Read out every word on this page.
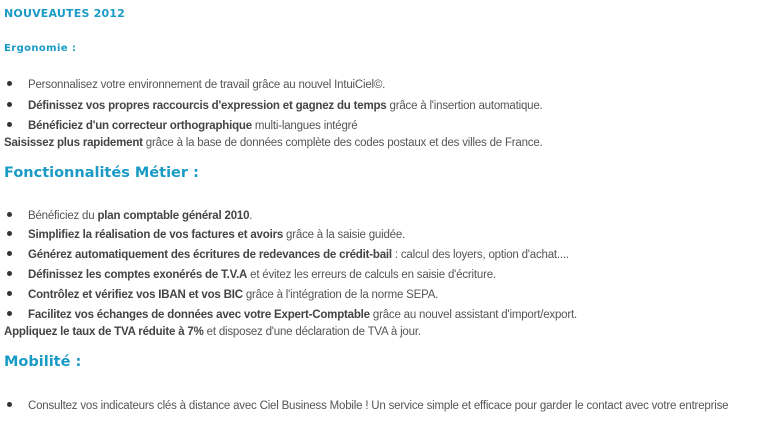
NOUVEAUTES 2012
Ergonomie :
Personnalisez votre environnement de travail grâce au nouvel IntuiCiel©.
Définissez vos propres raccourcis d'expression et gagnez du temps grâce à l'insertion automatique.
Bénéficiez d'un correcteur orthographique multi-langues intégré
Saisissez plus rapidement grâce à la base de données complète des codes postaux et des villes de France.
Fonctionnalités Métier :
Bénéficiez du plan comptable général 2010.
Simplifiez la réalisation de vos factures et avoirs grâce à la saisie guidée.
Générez automatiquement des écritures de redevances de crédit-bail : calcul des loyers, option d'achat....
Définissez les comptes exonérés de T.V.A et évitez les erreurs de calculs en saisie d'écriture.
Contrôlez et vérifiez vos IBAN et vos BIC grâce à l'intégration de la norme SEPA.
Facilitez vos échanges de données avec votre Expert-Comptable grâce au nouvel assistant d'import/export.
Appliquez le taux de TVA réduite à 7% et disposez d'une déclaration de TVA à jour.
Mobilité :
Consultez vos indicateurs clés à distance avec Ciel Business Mobile ! Un service simple et efficace pour garder le contact avec votre entreprise
